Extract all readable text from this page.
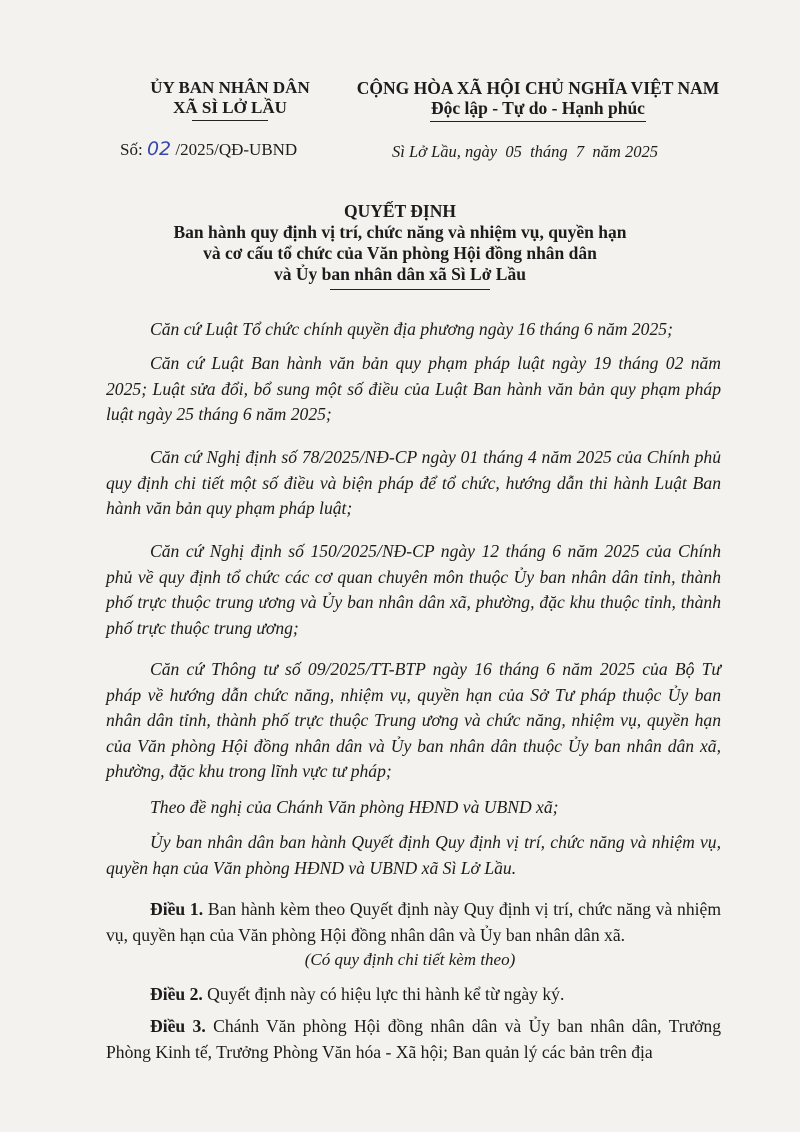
ỦY BAN NHÂN DÂN
XÃ SÌ LỞ LẦU
CỘNG HÒA XÃ HỘI CHỦ NGHĨA VIỆT NAM
Độc lập - Tự do - Hạnh phúc
Số: 02 /2025/QĐ-UBND	Sì Lở Lầu, ngày  05  tháng  7  năm 2025
QUYẾT ĐỊNH
Ban hành quy định vị trí, chức năng và nhiệm vụ, quyền hạn
và cơ cấu tổ chức của Văn phòng Hội đồng nhân dân
và Ủy ban nhân dân xã Sì Lở Lầu
Căn cứ Luật Tổ chức chính quyền địa phương ngày 16 tháng 6 năm 2025;
Căn cứ Luật Ban hành văn bản quy phạm pháp luật ngày 19 tháng 02 năm 2025; Luật sửa đổi, bổ sung một số điều của Luật Ban hành văn bản quy phạm pháp luật ngày 25 tháng 6 năm 2025;
Căn cứ Nghị định số 78/2025/NĐ-CP ngày 01 tháng 4 năm 2025 của Chính phủ quy định chi tiết một số điều và biện pháp để tổ chức, hướng dẫn thi hành Luật Ban hành văn bản quy phạm pháp luật;
Căn cứ Nghị định số 150/2025/NĐ-CP ngày 12 tháng 6 năm 2025 của Chính phủ về quy định tổ chức các cơ quan chuyên môn thuộc Ủy ban nhân dân tỉnh, thành phố trực thuộc trung ương và Ủy ban nhân dân xã, phường, đặc khu thuộc tỉnh, thành phố trực thuộc trung ương;
Căn cứ Thông tư số 09/2025/TT-BTP ngày 16 tháng 6 năm 2025 của Bộ Tư pháp về hướng dẫn chức năng, nhiệm vụ, quyền hạn của Sở Tư pháp thuộc Ủy ban nhân dân tỉnh, thành phố trực thuộc Trung ương và chức năng, nhiệm vụ, quyền hạn của Văn phòng Hội đồng nhân dân và Ủy ban nhân dân thuộc Ủy ban nhân dân xã, phường, đặc khu trong lĩnh vực tư pháp;
Theo đề nghị của Chánh Văn phòng HĐND và UBND xã;
Ủy ban nhân dân ban hành Quyết định Quy định vị trí, chức năng và nhiệm vụ, quyền hạn của Văn phòng HĐND và UBND xã Sì Lở Lầu.
Điều 1. Ban hành kèm theo Quyết định này Quy định vị trí, chức năng và nhiệm vụ, quyền hạn của Văn phòng Hội đồng nhân dân và Ủy ban nhân dân xã.
(Có quy định chi tiết kèm theo)
Điều 2. Quyết định này có hiệu lực thi hành kể từ ngày ký.
Điều 3. Chánh Văn phòng Hội đồng nhân dân và Ủy ban nhân dân, Trưởng Phòng Kinh tế, Trưởng Phòng Văn hóa - Xã hội; Ban quản lý các bản trên địa
